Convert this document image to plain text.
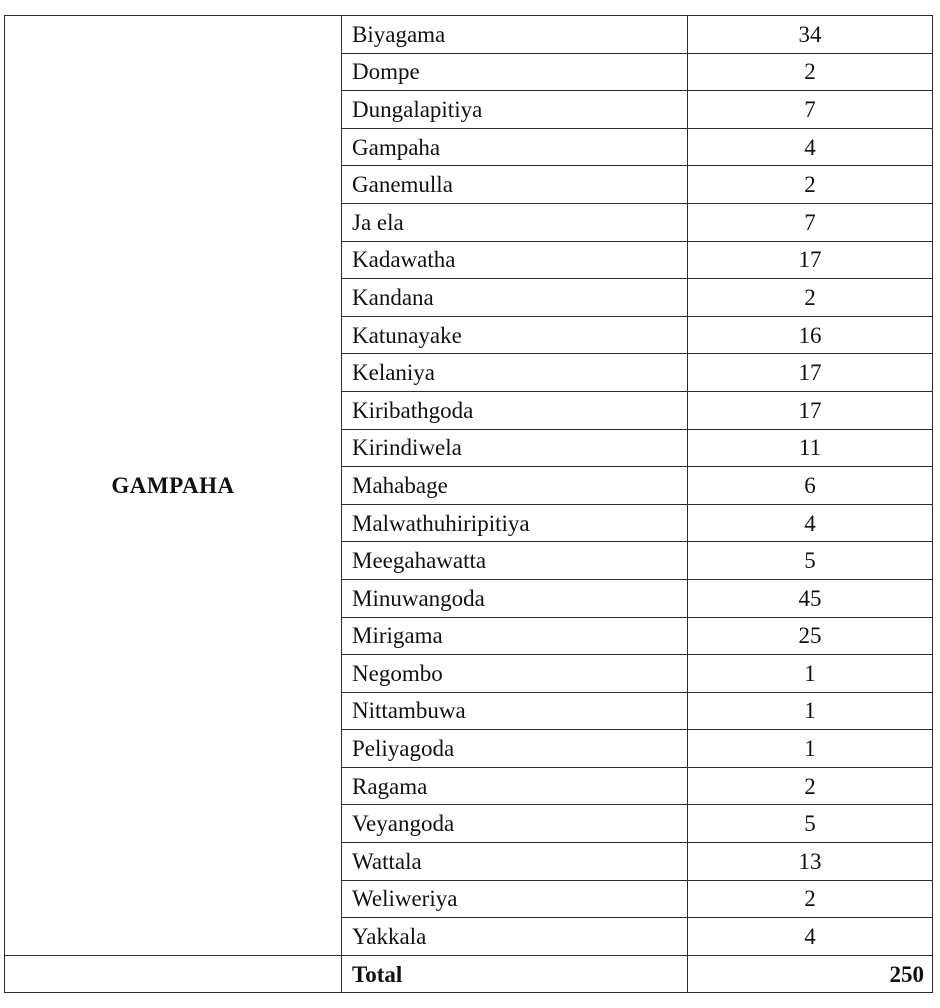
GAMPAHA	Biyagama	34
	Dompe	2
	Dungalapitiya	7
	Gampaha	4
	Ganemulla	2
	Ja ela	7
	Kadawatha	17
	Kandana	2
	Katunayake	16
	Kelaniya	17
	Kiribathgoda	17
	Kirindiwela	11
	Mahabage	6
	Malwathuhiripitiya	4
	Meegahawatta	5
	Minuwangoda	45
	Mirigama	25
	Negombo	1
	Nittambuwa	1
	Peliyagoda	1
	Ragama	2
	Veyangoda	5
	Wattala	13
	Weliweriya	2
	Yakkala	4
	Total	250
